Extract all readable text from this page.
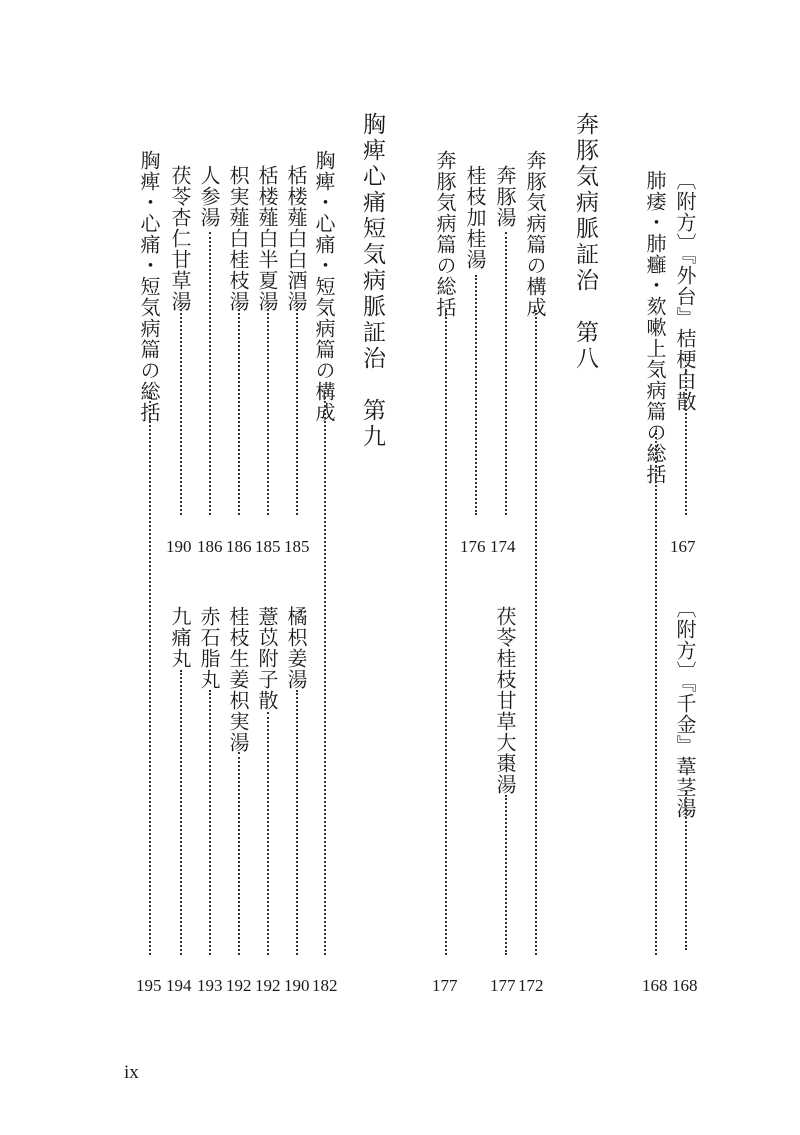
〔附方〕『外台』桔梗白散
167
〔附方〕『千金』葦茎湯
168
肺痿・肺癰・欬嗽上気病篇の総括
168
奔豚気病脈証治　第八
奔豚気病篇の構成
172
奔豚湯
174
茯苓桂枝甘草大棗湯
177
桂枝加桂湯
176
奔豚気病篇の総括
177
胸痺心痛短気病脈証治　第九
胸痺・心痛・短気病篇の構成
182
栝楼薤白白酒湯
185
橘枳姜湯
190
栝楼薤白半夏湯
185
薏苡附子散
192
枳実薤白桂枝湯
186
桂枝生姜枳実湯
192
人参湯
186
赤石脂丸
193
茯苓杏仁甘草湯
190
九痛丸
194
胸痺・心痛・短気病篇の総括
195
ix
